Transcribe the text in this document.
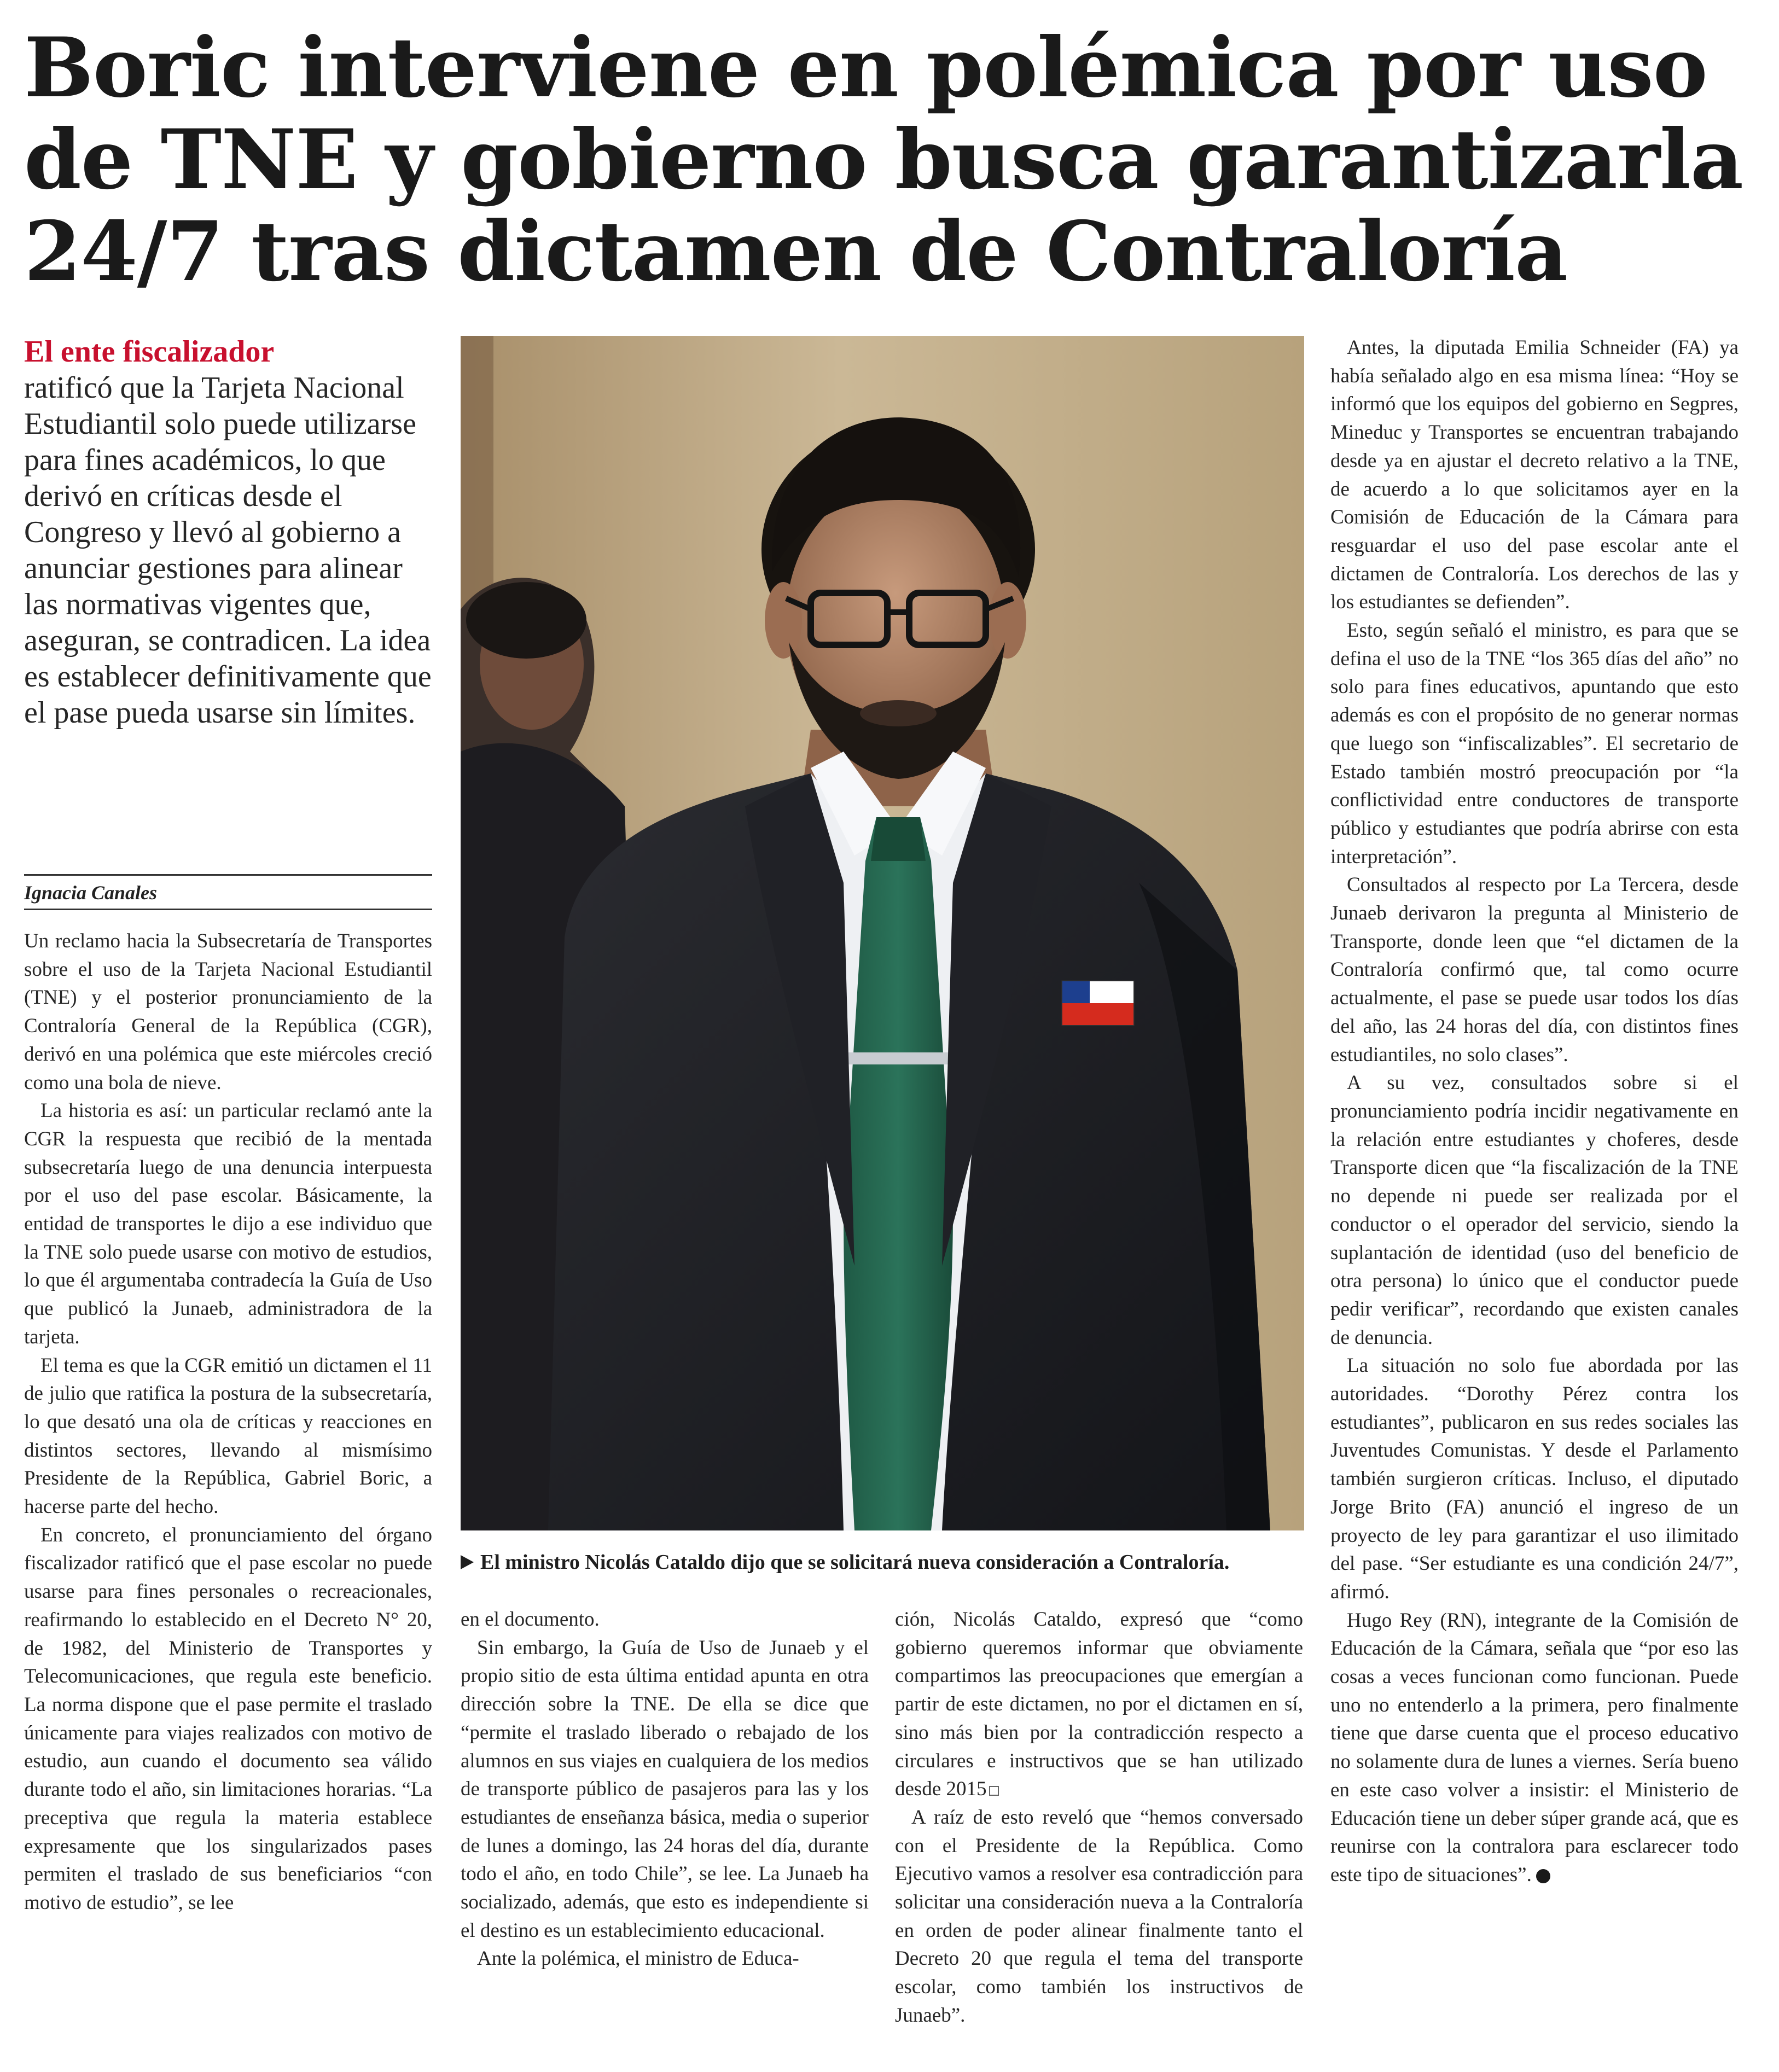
Boric interviene en polémica por uso
de TNE y gobierno busca garantizarla
24/7 tras dictamen de Contraloría
El ente fiscalizador
ratificó que la Tarjeta Nacional Estudiantil solo puede utilizarse para fines académicos, lo que derivó en críticas desde el Congreso y llevó al gobierno a anunciar gestiones para alinear las normativas vigentes que, aseguran, se contradicen. La idea es establecer definitivamente que el pase pueda usarse sin límites.
Ignacia Canales

Un reclamo hacia la Subsecretaría de Transportes sobre el uso de la Tarjeta Nacional Estudiantil (TNE) y el posterior pronunciamiento de la Contraloría General de la República (CGR), derivó en una polémica que este miércoles creció como una bola de nieve.

La historia es así: un particular reclamó ante la CGR la respuesta que recibió de la mentada subsecretaría luego de una denuncia interpuesta por el uso del pase escolar. Básicamente, la entidad de transportes le dijo a ese individuo que la TNE solo puede usarse con motivo de estudios, lo que él argumentaba contradecía la Guía de Uso que publicó la Junaeb, administradora de la tarjeta.

El tema es que la CGR emitió un dictamen el 11 de julio que ratifica la postura de la subsecretaría, lo que desató una ola de críticas y reacciones en distintos sectores, llevando al mismísimo Presidente de la República, Gabriel Boric, a hacerse parte del hecho.

En concreto, el pronunciamiento del órgano fiscalizador ratificó que el pase escolar no puede usarse para fines personales o recreacionales, reafirmando lo establecido en el Decreto N° 20, de 1982, del Ministerio de Transportes y Telecomunicaciones, que regula este beneficio. La norma dispone que el pase permite el traslado únicamente para viajes realizados con motivo de estudio, aun cuando el documento sea válido durante todo el año, sin limitaciones horarias. “La preceptiva que regula la materia establece expresamente que los singularizados pases permiten el traslado de sus beneficiarios “con motivo de estudio”, se lee

El ministro Nicolás Cataldo dijo que se solicitará nueva consideración a Contraloría.

en el documento.

Sin embargo, la Guía de Uso de Junaeb y el propio sitio de esta última entidad apunta en otra dirección sobre la TNE. De ella se dice que “permite el traslado liberado o rebajado de los alumnos en sus viajes en cualquiera de los medios de transporte público de pasajeros para las y los estudiantes de enseñanza básica, media o superior de lunes a domingo, las 24 horas del día, durante todo el año, en todo Chile”, se lee. La Junaeb ha socializado, además, que esto es independiente si el destino es un establecimiento educacional.

Ante la polémica, el ministro de Educa-

ción, Nicolás Cataldo, expresó que “como gobierno queremos informar que obviamente compartimos las preocupaciones que emergían a partir de este dictamen, no por el dictamen en sí, sino más bien por la contradicción respecto a circulares e instructivos que se han utilizado desde 2015

A raíz de esto reveló que “hemos conversado con el Presidente de la República. Como Ejecutivo vamos a resolver esa contradicción para solicitar una consideración nueva a la Contraloría en orden de poder alinear finalmente tanto el Decreto 20 que regula el tema del transporte escolar, como también los instructivos de Junaeb”.

Antes, la diputada Emilia Schneider (FA) ya había señalado algo en esa misma línea: “Hoy se informó que los equipos del gobierno en Segpres, Mineduc y Transportes se encuentran trabajando desde ya en ajustar el decreto relativo a la TNE, de acuerdo a lo que solicitamos ayer en la Comisión de Educación de la Cámara para resguardar el uso del pase escolar ante el dictamen de Contraloría. Los derechos de las y los estudiantes se defienden”.

Esto, según señaló el ministro, es para que se defina el uso de la TNE “los 365 días del año” no solo para fines educativos, apuntando que esto además es con el propósito de no generar normas que luego son “infiscalizables”. El secretario de Estado también mostró preocupación por “la conflictividad entre conductores de transporte público y estudiantes que podría abrirse con esta interpretación”.

Consultados al respecto por La Tercera, desde Junaeb derivaron la pregunta al Ministerio de Transporte, donde leen que “el dictamen de la Contraloría confirmó que, tal como ocurre actualmente, el pase se puede usar todos los días del año, las 24 horas del día, con distintos fines estudiantiles, no solo clases”.

A su vez, consultados sobre si el pronunciamiento podría incidir negativamente en la relación entre estudiantes y choferes, desde Transporte dicen que “la fiscalización de la TNE no depende ni puede ser realizada por el conductor o el operador del servicio, siendo la suplantación de identidad (uso del beneficio de otra persona) lo único que el conductor puede pedir verificar”, recordando que existen canales de denuncia.

La situación no solo fue abordada por las autoridades. “Dorothy Pérez contra los estudiantes”, publicaron en sus redes sociales las Juventudes Comunistas. Y desde el Parlamento también surgieron críticas. Incluso, el diputado Jorge Brito (FA) anunció el ingreso de un proyecto de ley para garantizar el uso ilimitado del pase. “Ser estudiante es una condición 24/7”, afirmó.

Hugo Rey (RN), integrante de la Comisión de Educación de la Cámara, señala que “por eso las cosas a veces funcionan como funcionan. Puede uno no entenderlo a la primera, pero finalmente tiene que darse cuenta que el proceso educativo no solamente dura de lunes a viernes. Sería bueno en este caso volver a insistir: el Ministerio de Educación tiene un deber súper grande acá, que es reunirse con la contralora para esclarecer todo este tipo de situaciones”.
